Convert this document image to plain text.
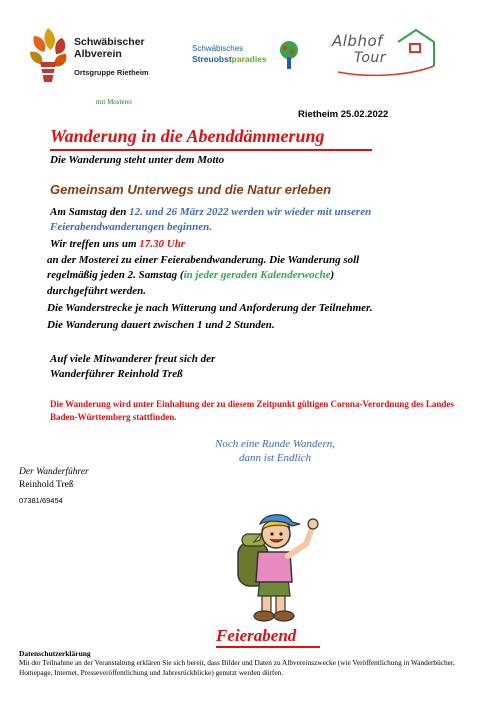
Schwäbischer
Albverein
Ortsgruppe Rietheim
mit Mosterei
Schwäbisches
Streuobstparadies
Albhof
Tour
Rietheim 25.02.2022
Wanderung in die Abenddämmerung
Die Wanderung steht unter dem Motto
Gemeinsam Unterwegs und die Natur erleben
Am Samstag den 12. und 26 März 2022 werden wir wieder mit unseren
Feierabendwanderungen beginnen.
Wir treffen uns um 17.30 Uhr
an der Mosterei zu einer Feierabendwanderung. Die Wanderung soll
regelmäßig jeden 2. Samstag (in jeder geraden Kalenderwoche)
durchgeführt werden.
Die Wanderstrecke je nach Witterung und Anforderung der Teilnehmer.
Die Wanderung dauert zwischen 1 und 2 Stunden.
Auf viele Mitwanderer freut sich der
Wanderführer Reinhold Treß
Die Wanderung wird unter Einhaltung der zu diesem Zeitpunkt gültigen Corona-Verordnung des Landes Baden-Württemberg stattfinden.
Noch eine Runde Wandern,
dann ist Endlich
Der Wanderführer
Reinhold Treß
07381/69454
Feierabend
Datenschutzerklärung
Mit der Teilnahme an der Veranstaltung erklären Sie sich bereit, dass Bilder und Daten zu Albvereinszwecke (wie Veröffentlichung in Wanderbücher, Homepage, Internet, Presseveröffentlichung und Jahresrückblicke) genutzt werden dürfen.
